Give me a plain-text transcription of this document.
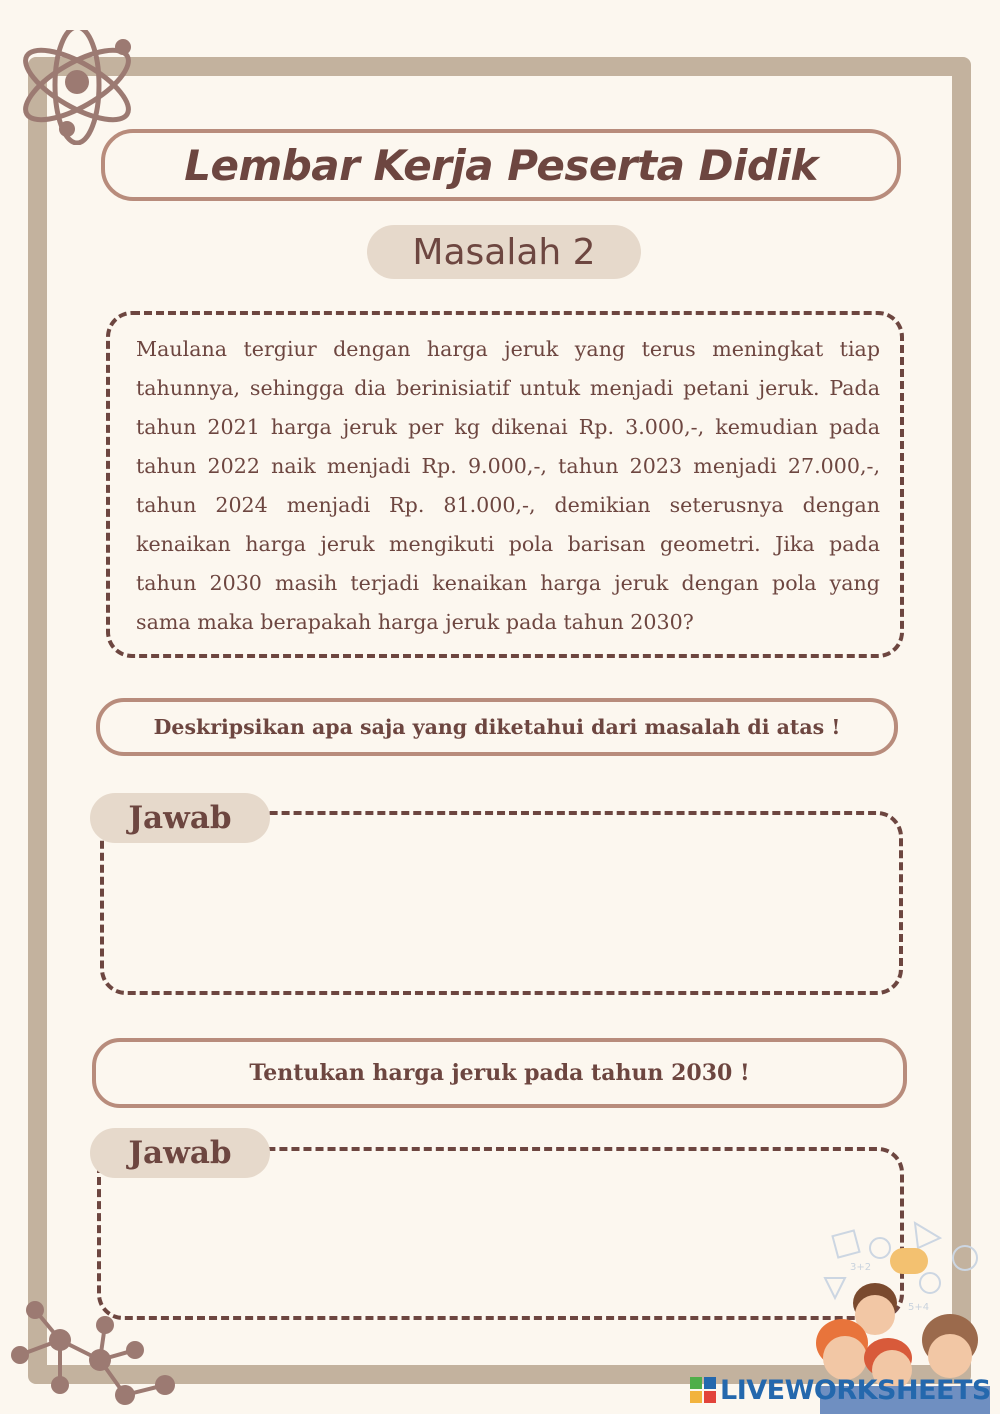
Lembar Kerja Peserta Didik
Masalah 2
Maulana tergiur dengan harga jeruk yang terus meningkat tiap tahunnya, sehingga dia berinisiatif untuk menjadi petani jeruk. Pada tahun 2021 harga jeruk per kg dikenai Rp. 3.000,-, kemudian pada tahun 2022 naik menjadi Rp. 9.000,-, tahun 2023 menjadi 27.000,-, tahun 2024 menjadi Rp. 81.000,-, demikian seterusnya dengan kenaikan harga jeruk mengikuti pola barisan geometri. Jika pada tahun 2030 masih terjadi kenaikan harga jeruk dengan pola yang sama maka berapakah harga jeruk pada tahun 2030?
Deskripsikan apa saja yang diketahui dari masalah di atas !
Jawab
Tentukan harga jeruk pada tahun 2030 !
Jawab
3+2
5+4
LIVEWORKSHEETS
